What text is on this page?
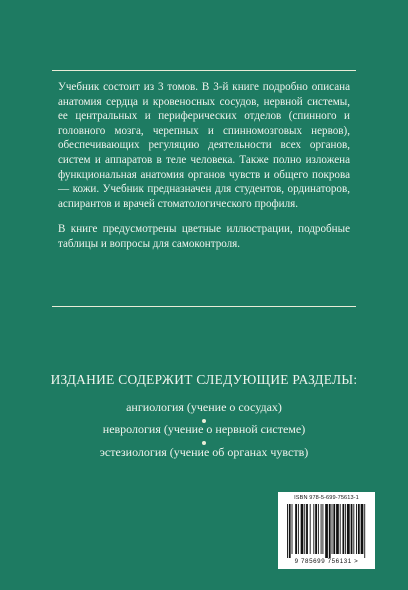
Учебник состоит из 3 томов. В 3-й книге подробно описана анатомия сердца и кровеносных сосудов, нервной системы, ее центральных и периферических отделов (спинного и головного мозга, черепных и спинномозговых нервов), обеспечивающих регуляцию деятельности всех органов, систем и аппаратов в теле человека. Также полно изложена функциональная анатомия органов чувств и общего покрова — кожи. Учебник предназначен для студентов, ординаторов, аспирантов и врачей стоматологического профиля.

В книге предусмотрены цветные иллюстрации, подробные таблицы и вопросы для самоконтроля.

ИЗДАНИЕ СОДЕРЖИТ СЛЕДУЮЩИЕ РАЗДЕЛЫ:
ангиология (учение о сосудах)
неврология (учение о нервной системе)
эстезиология (учение об органах чувств)
ISBN 978-5-699-75613-1
9 785699 756131 >
